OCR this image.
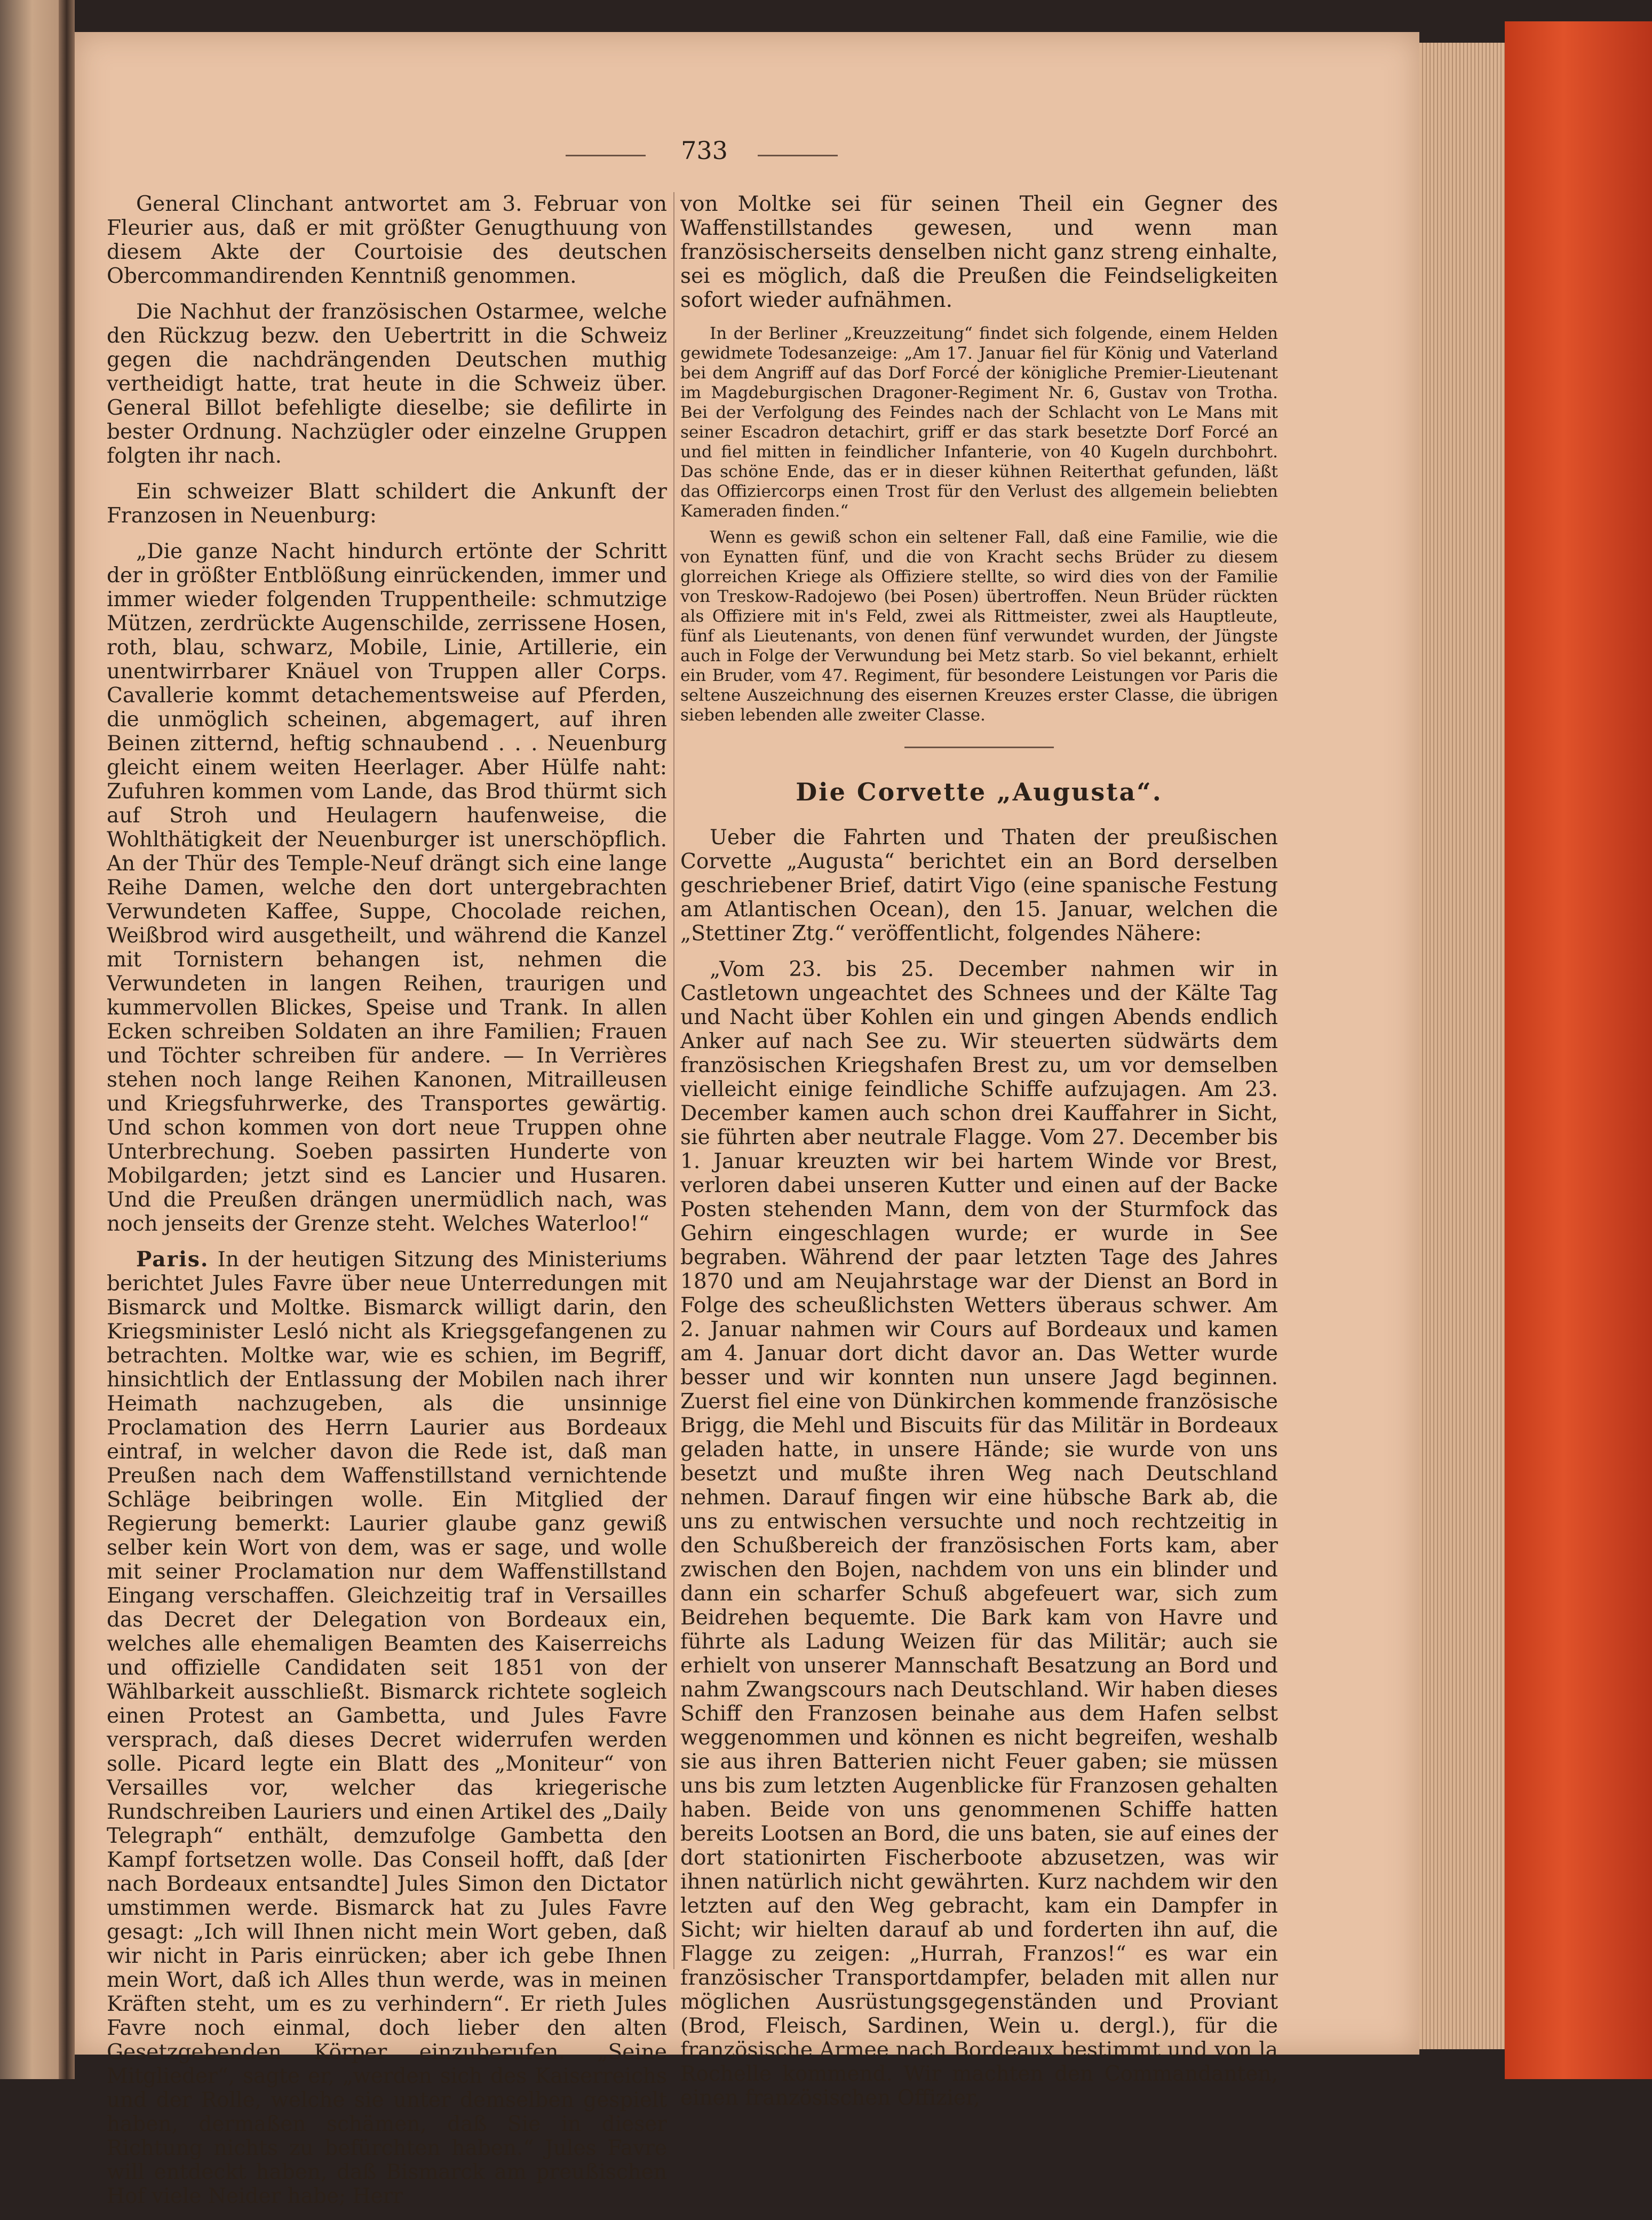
733

General Clinchant antwortet am 3. Februar von Fleurier aus, daß er mit größter Genugthuung von diesem Akte der Courtoisie des deutschen Obercommandirenden Kenntniß genommen.

Die Nachhut der französischen Ostarmee, welche den Rückzug bezw. den Uebertritt in die Schweiz gegen die nachdrängenden Deutschen muthig vertheidigt hatte, trat heute in die Schweiz über. General Billot befehligte dieselbe; sie defilirte in bester Ordnung. Nachzügler oder einzelne Gruppen folgten ihr nach.

Ein schweizer Blatt schildert die Ankunft der Franzosen in Neuenburg:

„Die ganze Nacht hindurch ertönte der Schritt der in größter Entblößung einrückenden, immer und immer wieder folgenden Truppentheile: schmutzige Mützen, zerdrückte Augenschilde, zerrissene Hosen, roth, blau, schwarz, Mobile, Linie, Artillerie, ein unentwirrbarer Knäuel von Truppen aller Corps. Cavallerie kommt detachementsweise auf Pferden, die unmöglich scheinen, abgemagert, auf ihren Beinen zitternd, heftig schnaubend . . . Neuenburg gleicht einem weiten Heerlager. Aber Hülfe naht: Zufuhren kommen vom Lande, das Brod thürmt sich auf Stroh und Heulagern haufenweise, die Wohlthätigkeit der Neuenburger ist unerschöpflich. An der Thür des Temple-Neuf drängt sich eine lange Reihe Damen, welche den dort untergebrachten Verwundeten Kaffee, Suppe, Chocolade reichen, Weißbrod wird ausgetheilt, und während die Kanzel mit Tornistern behangen ist, nehmen die Verwundeten in langen Reihen, traurigen und kummervollen Blickes, Speise und Trank. In allen Ecken schreiben Soldaten an ihre Familien; Frauen und Töchter schreiben für andere. — In Verrières stehen noch lange Reihen Kanonen, Mitrailleusen und Kriegsfuhrwerke, des Transportes gewärtig. Und schon kommen von dort neue Truppen ohne Unterbrechung. Soeben passirten Hunderte von Mobilgarden; jetzt sind es Lancier und Husaren. Und die Preußen drängen unermüdlich nach, was noch jenseits der Grenze steht. Welches Waterloo!“

Paris. In der heutigen Sitzung des Ministeriums berichtet Jules Favre über neue Unterredungen mit Bismarck und Moltke. Bismarck willigt darin, den Kriegsminister Lesló nicht als Kriegsgefangenen zu betrachten. Moltke war, wie es schien, im Begriff, hinsichtlich der Entlassung der Mobilen nach ihrer Heimath nachzugeben, als die unsinnige Proclamation des Herrn Laurier aus Bordeaux eintraf, in welcher davon die Rede ist, daß man Preußen nach dem Waffenstillstand vernichtende Schläge beibringen wolle. Ein Mitglied der Regierung bemerkt: Laurier glaube ganz gewiß selber kein Wort von dem, was er sage, und wolle mit seiner Proclamation nur dem Waffenstillstand Eingang verschaffen. Gleichzeitig traf in Versailles das Decret der Delegation von Bordeaux ein, welches alle ehemaligen Beamten des Kaiserreichs und offizielle Candidaten seit 1851 von der Wählbarkeit ausschließt. Bismarck richtete sogleich einen Protest an Gambetta, und Jules Favre versprach, daß dieses Decret widerrufen werden solle. Picard legte ein Blatt des „Moniteur“ von Versailles vor, welcher das kriegerische Rundschreiben Lauriers und einen Artikel des „Daily Telegraph“ enthält, demzufolge Gambetta den Kampf fortsetzen wolle. Das Conseil hofft, daß [der nach Bordeaux entsandte] Jules Simon den Dictator umstimmen werde. Bismarck hat zu Jules Favre gesagt: „Ich will Ihnen nicht mein Wort geben, daß wir nicht in Paris einrücken; aber ich gebe Ihnen mein Wort, daß ich Alles thun werde, was in meinen Kräften steht, um es zu verhindern“. Er rieth Jules Favre noch einmal, doch lieber den alten Gesetzgebenden Körper einzuberufen. „Seine Mitglieder“, sagte er, „werden sich des Kaiserreichs und der Rolle, welche sie unter demselben gespielt haben, dermaßen schämen, daß Sie in dieser Richtung nichts zu befürchten haben.“ Jules Favre will entdeckt haben, daß Bismarck am preußischen Hof viele Neider habe; Herr

von Moltke sei für seinen Theil ein Gegner des Waffenstillstandes gewesen, und wenn man französischerseits denselben nicht ganz streng einhalte, sei es möglich, daß die Preußen die Feindseligkeiten sofort wieder aufnähmen.

In der Berliner „Kreuzzeitung“ findet sich folgende, einem Helden gewidmete Todesanzeige: „Am 17. Januar fiel für König und Vaterland bei dem Angriff auf das Dorf Forcé der königliche Premier-Lieutenant im Magdeburgischen Dragoner-Regiment Nr. 6, Gustav von Trotha. Bei der Verfolgung des Feindes nach der Schlacht von Le Mans mit seiner Escadron detachirt, griff er das stark besetzte Dorf Forcé an und fiel mitten in feindlicher Infanterie, von 40 Kugeln durchbohrt. Das schöne Ende, das er in dieser kühnen Reiterthat gefunden, läßt das Offiziercorps einen Trost für den Verlust des allgemein beliebten Kameraden finden.“

Wenn es gewiß schon ein seltener Fall, daß eine Familie, wie die von Eynatten fünf, und die von Kracht sechs Brüder zu diesem glorreichen Kriege als Offiziere stellte, so wird dies von der Familie von Treskow-Radojewo (bei Posen) übertroffen. Neun Brüder rückten als Offiziere mit in's Feld, zwei als Rittmeister, zwei als Hauptleute, fünf als Lieutenants, von denen fünf verwundet wurden, der Jüngste auch in Folge der Verwundung bei Metz starb. So viel bekannt, erhielt ein Bruder, vom 47. Regiment, für besondere Leistungen vor Paris die seltene Auszeichnung des eisernen Kreuzes erster Classe, die übrigen sieben lebenden alle zweiter Classe.

Die Corvette „Augusta“.

Ueber die Fahrten und Thaten der preußischen Corvette „Augusta“ berichtet ein an Bord derselben geschriebener Brief, datirt Vigo (eine spanische Festung am Atlantischen Ocean), den 15. Januar, welchen die „Stettiner Ztg.“ veröffentlicht, folgendes Nähere:

„Vom 23. bis 25. December nahmen wir in Castletown ungeachtet des Schnees und der Kälte Tag und Nacht über Kohlen ein und gingen Abends endlich Anker auf nach See zu. Wir steuerten südwärts dem französischen Kriegshafen Brest zu, um vor demselben vielleicht einige feindliche Schiffe aufzujagen. Am 23. December kamen auch schon drei Kauffahrer in Sicht, sie führten aber neutrale Flagge. Vom 27. December bis 1. Januar kreuzten wir bei hartem Winde vor Brest, verloren dabei unseren Kutter und einen auf der Backe Posten stehenden Mann, dem von der Sturmfock das Gehirn eingeschlagen wurde; er wurde in See begraben. Während der paar letzten Tage des Jahres 1870 und am Neujahrstage war der Dienst an Bord in Folge des scheußlichsten Wetters überaus schwer. Am 2. Januar nahmen wir Cours auf Bordeaux und kamen am 4. Januar dort dicht davor an. Das Wetter wurde besser und wir konnten nun unsere Jagd beginnen. Zuerst fiel eine von Dünkirchen kommende französische Brigg, die Mehl und Biscuits für das Militär in Bordeaux geladen hatte, in unsere Hände; sie wurde von uns besetzt und mußte ihren Weg nach Deutschland nehmen. Darauf fingen wir eine hübsche Bark ab, die uns zu entwischen versuchte und noch rechtzeitig in den Schußbereich der französischen Forts kam, aber zwischen den Bojen, nachdem von uns ein blinder und dann ein scharfer Schuß abgefeuert war, sich zum Beidrehen bequemte. Die Bark kam von Havre und führte als Ladung Weizen für das Militär; auch sie erhielt von unserer Mannschaft Besatzung an Bord und nahm Zwangscours nach Deutschland. Wir haben dieses Schiff den Franzosen beinahe aus dem Hafen selbst weggenommen und können es nicht begreifen, weshalb sie aus ihren Batterien nicht Feuer gaben; sie müssen uns bis zum letzten Augenblicke für Franzosen gehalten haben. Beide von uns genommenen Schiffe hatten bereits Lootsen an Bord, die uns baten, sie auf eines der dort stationirten Fischerboote abzusetzen, was wir ihnen natürlich nicht gewährten. Kurz nachdem wir den letzten auf den Weg gebracht, kam ein Dampfer in Sicht; wir hielten darauf ab und forderten ihn auf, die Flagge zu zeigen: „Hurrah, Franzos!“ es war ein französischer Transportdampfer, beladen mit allen nur möglichen Ausrüstungsgegenständen und Proviant (Brod, Fleisch, Sardinen, Wein u. dergl.), für die französische Armee nach Bordeaux bestimmt und von la Rochelle kommend. Wir machten den Commandanten, einen französischen Offizier,
